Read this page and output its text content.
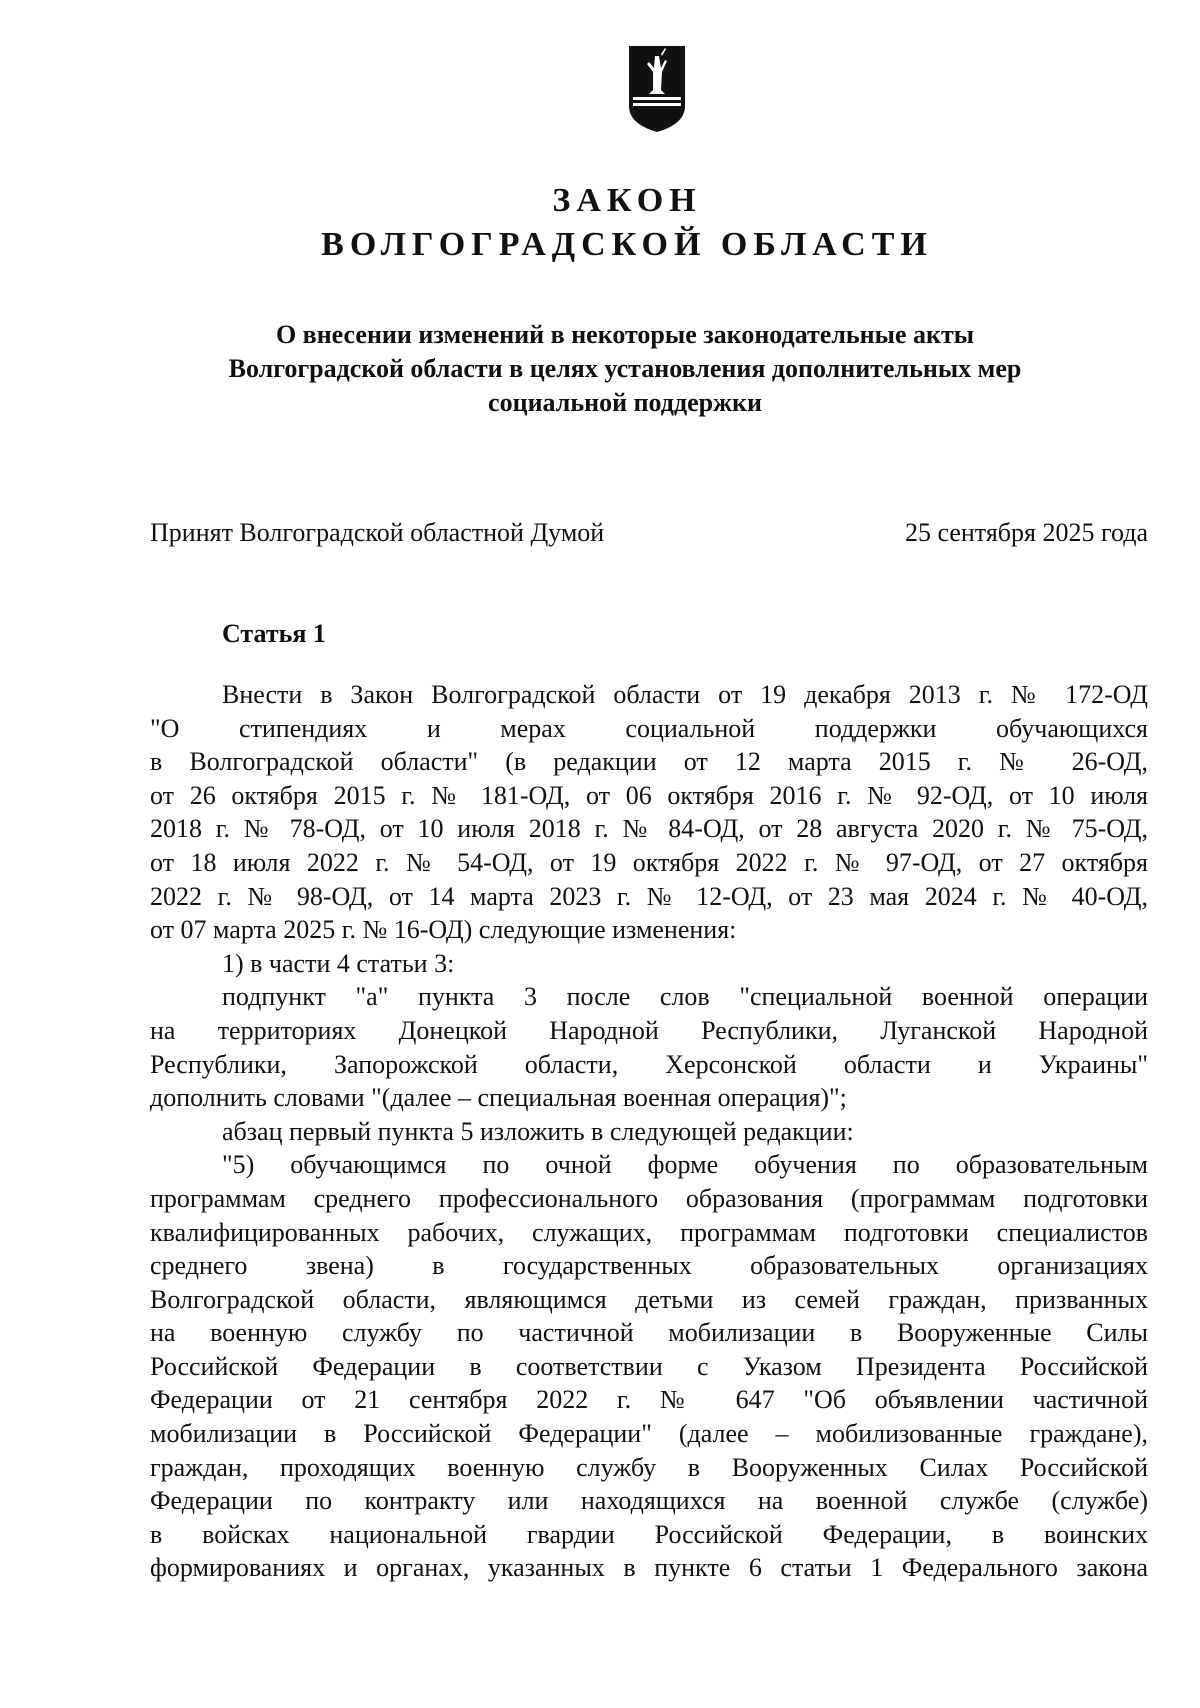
ЗАКОН

ВОЛГОГРАДСКОЙ ОБЛАСТИ

О внесении изменений в некоторые законодательные акты
Волгоградской области в целях установления дополнительных мер
социальной поддержки
Принят Волгоградской областной Думой	25 сентября 2025 года
Статья 1
Внести в Закон Волгоградской области от 19 декабря 2013 г. № 172-ОД
"О стипендиях и мерах социальной поддержки обучающихся
в Волгоградской области" (в редакции от 12 марта 2015 г. № 26-ОД,
от 26 октября 2015 г. № 181-ОД, от 06 октября 2016 г. № 92-ОД, от 10 июля
2018 г. № 78-ОД, от 10 июля 2018 г. № 84-ОД, от 28 августа 2020 г. № 75-ОД,
от 18 июля 2022 г. № 54-ОД, от 19 октября 2022 г. № 97-ОД, от 27 октября
2022 г. № 98-ОД, от 14 марта 2023 г. № 12-ОД, от 23 мая 2024 г. № 40-ОД,
от 07 марта 2025 г. № 16-ОД) следующие изменения:
1) в части 4 статьи 3:
подпункт "а" пункта 3 после слов "специальной военной операции
на территориях Донецкой Народной Республики, Луганской Народной
Республики, Запорожской области, Херсонской области и Украины"
дополнить словами "(далее – специальная военная операция)";
абзац первый пункта 5 изложить в следующей редакции:
"5) обучающимся по очной форме обучения по образовательным
программам среднего профессионального образования (программам подготовки
квалифицированных рабочих, служащих, программам подготовки специалистов
среднего звена) в государственных образовательных организациях
Волгоградской области, являющимся детьми из семей граждан, призванных
на военную службу по частичной мобилизации в Вооруженные Силы
Российской Федерации в соответствии с Указом Президента Российской
Федерации от 21 сентября 2022 г. № 647 "Об объявлении частичной
мобилизации в Российской Федерации" (далее – мобилизованные граждане),
граждан, проходящих военную службу в Вооруженных Силах Российской
Федерации по контракту или находящихся на военной службе (службе)
в войсках национальной гвардии Российской Федерации, в воинских
формированиях и органах, указанных в пункте 6 статьи 1 Федерального закона
